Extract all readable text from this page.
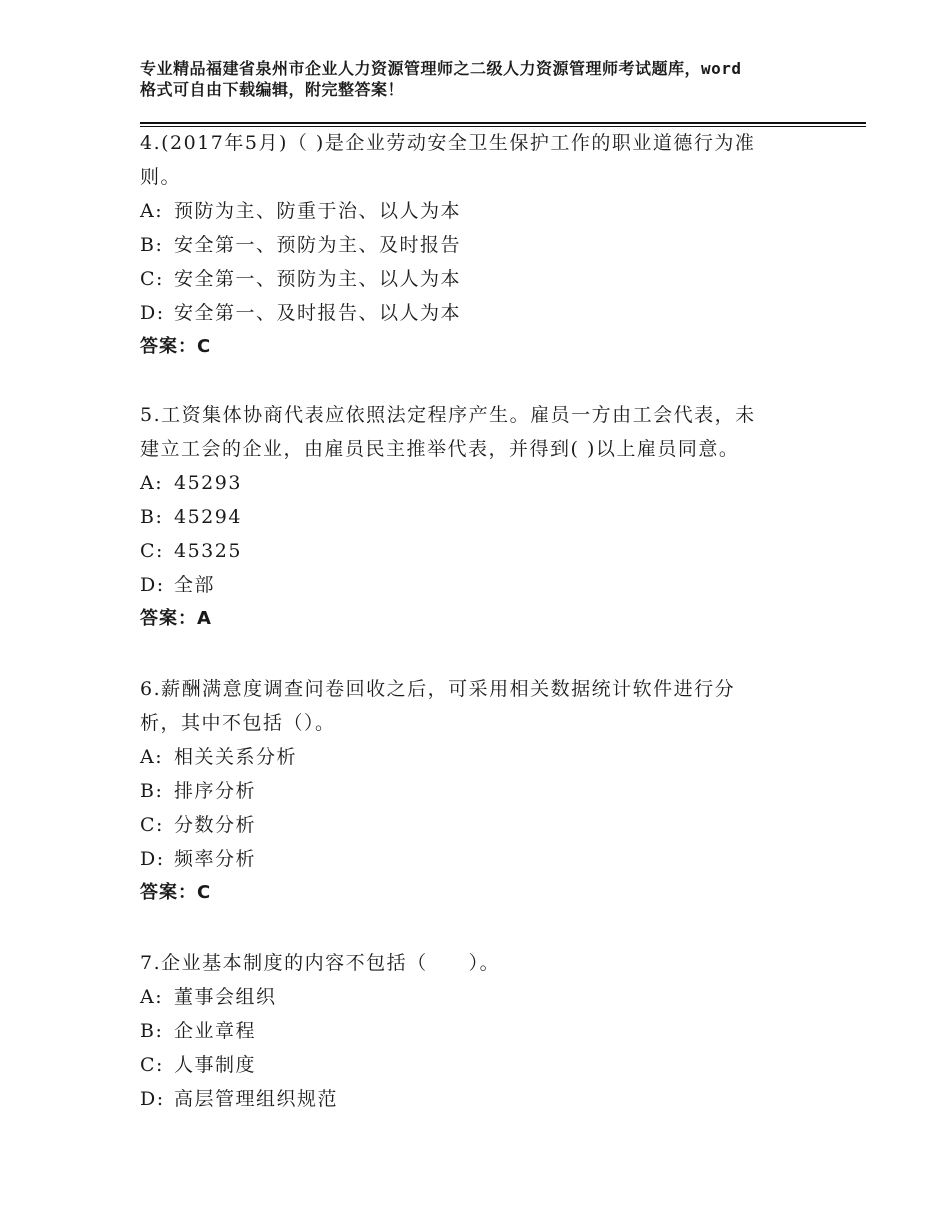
专业精品福建省泉州市企业人力资源管理师之二级人力资源管理师考试题库，word
格式可自由下载编辑，附完整答案！
4.(2017年5月)（ )是企业劳动安全卫生保护工作的职业道德行为准
则。
A: 预防为主、防重于治、以人为本
B: 安全第一、预防为主、及时报告
C: 安全第一、预防为主、以人为本
D: 安全第一、及时报告、以人为本
答案：C
5.工资集体协商代表应依照法定程序产生。雇员一方由工会代表，未
建立工会的企业，由雇员民主推举代表，并得到( )以上雇员同意。
A: 45293
B: 45294
C: 45325
D: 全部
答案：A
6.薪酬满意度调查问卷回收之后，可采用相关数据统计软件进行分
析，其中不包括（）。
A: 相关关系分析
B: 排序分析
C: 分数分析
D: 频率分析
答案：C
7.企业基本制度的内容不包括（　　）。
A: 董事会组织
B: 企业章程
C: 人事制度
D: 高层管理组织规范
